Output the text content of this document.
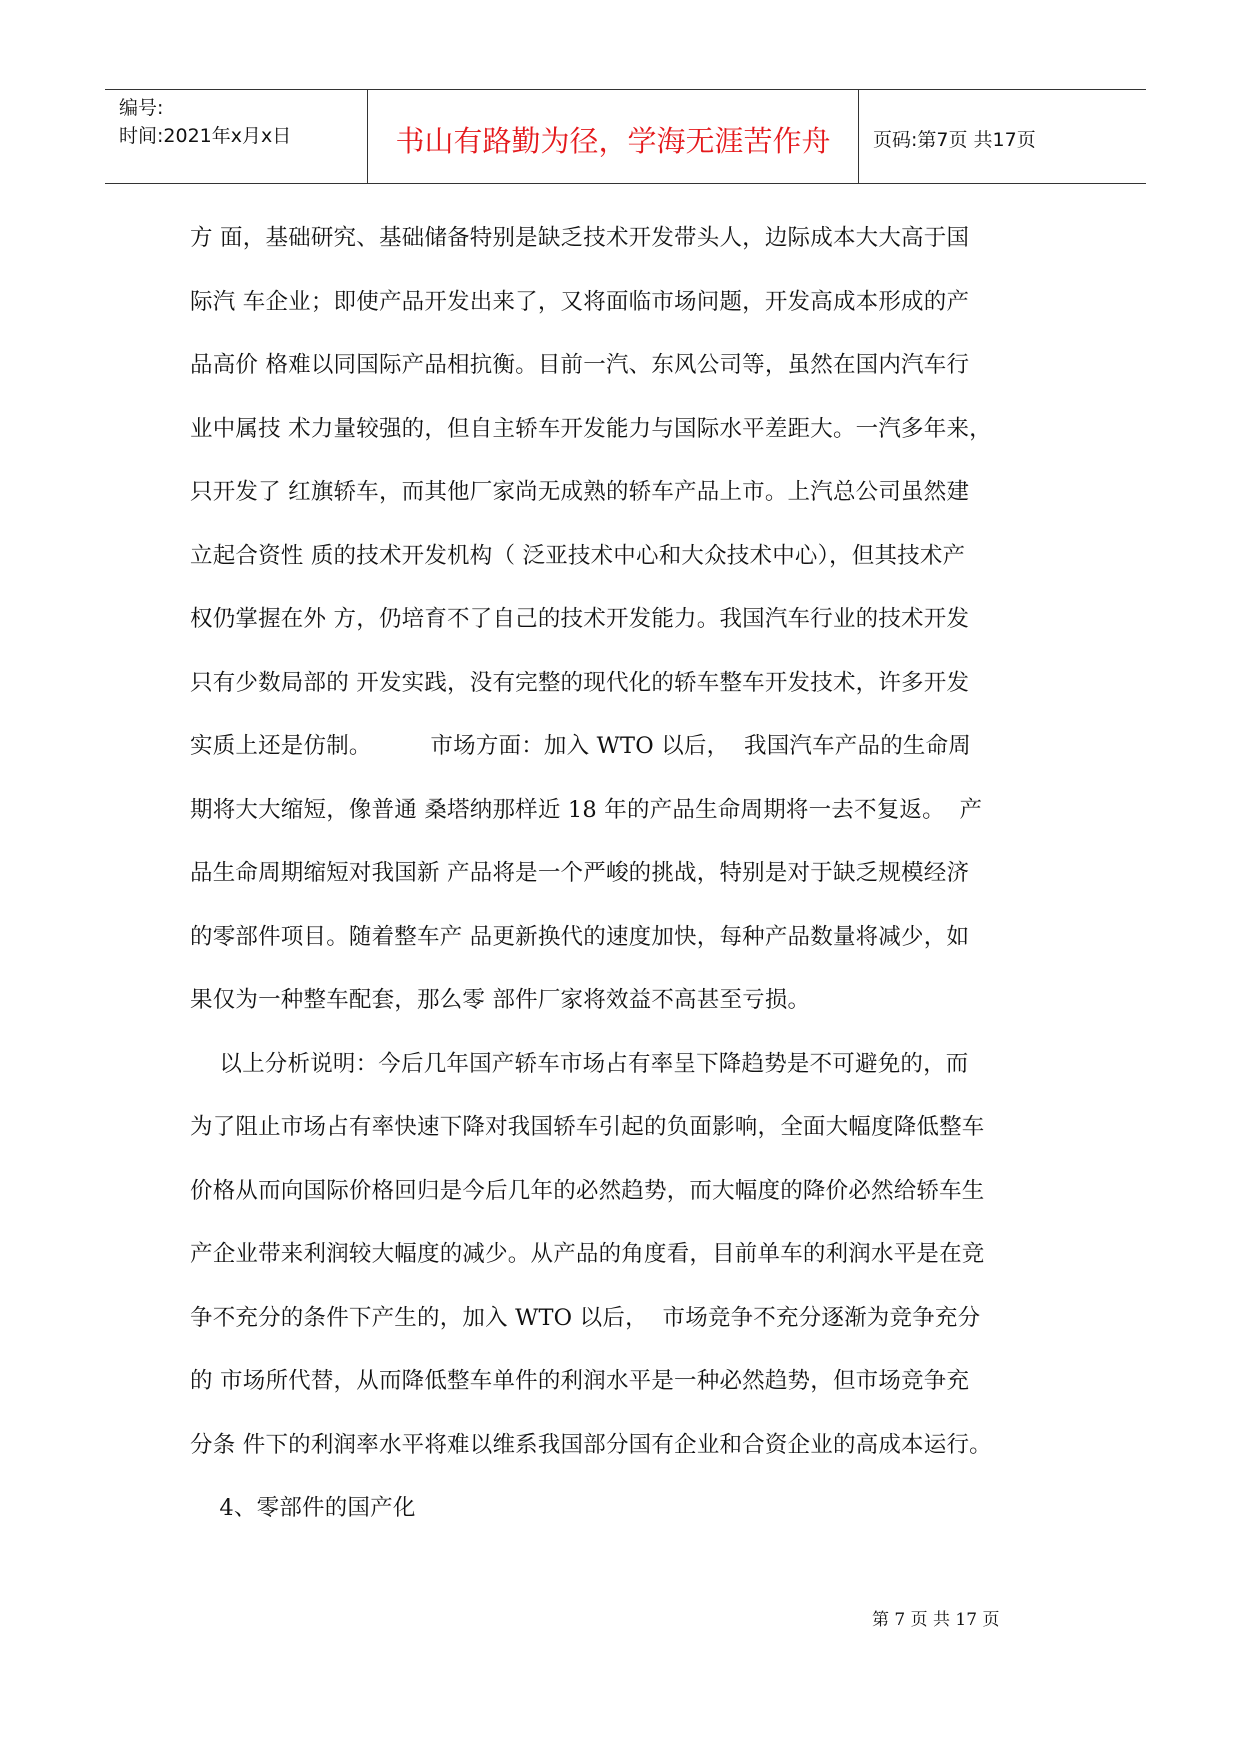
编号:
时间:2021年x月x日	书山有路勤为径，学海无涯苦作舟 页码:第7页 共17页
方 面，基础研究、基础储备特别是缺乏技术开发带头人，边际成本大大高于国
际汽 车企业；即使产品开发出来了，又将面临市场问题，开发高成本形成的产
品高价 格难以同国际产品相抗衡。目前一汽、东风公司等，虽然在国内汽车行
业中属技 术力量较强的，但自主轿车开发能力与国际水平差距大。一汽多年来，
只开发了 红旗轿车，而其他厂家尚无成熟的轿车产品上市。上汽总公司虽然建
立起合资性 质的技术开发机构（ 泛亚技术中心和大众技术中心），但其技术产
权仍掌握在外 方，仍培育不了自己的技术开发能力。我国汽车行业的技术开发
只有少数局部的 开发实践，没有完整的现代化的轿车整车开发技术，许多开发
实质上还是仿制。        市场方面：加入 WTO 以后，  我国汽车产品的生命周
期将大大缩短，像普通 桑塔纳那样近 18 年的产品生命周期将一去不复返。  产
品生命周期缩短对我国新 产品将是一个严峻的挑战，特别是对于缺乏规模经济
的零部件项目。随着整车产 品更新换代的速度加快，每种产品数量将减少，如
果仅为一种整车配套，那么零 部件厂家将效益不高甚至亏损。
以上分析说明：今后几年国产轿车市场占有率呈下降趋势是不可避免的，而
为了阻止市场占有率快速下降对我国轿车引起的负面影响，全面大幅度降低整车
价格从而向国际价格回归是今后几年的必然趋势，而大幅度的降价必然给轿车生
产企业带来利润较大幅度的减少。从产品的角度看，目前单车的利润水平是在竞
争不充分的条件下产生的，加入 WTO 以后，  市场竞争不充分逐渐为竞争充分
的 市场所代替，从而降低整车单件的利润水平是一种必然趋势，但市场竞争充
分条 件下的利润率水平将难以维系我国部分国有企业和合资企业的高成本运行。
4、零部件的国产化
第 7 页 共 17 页
